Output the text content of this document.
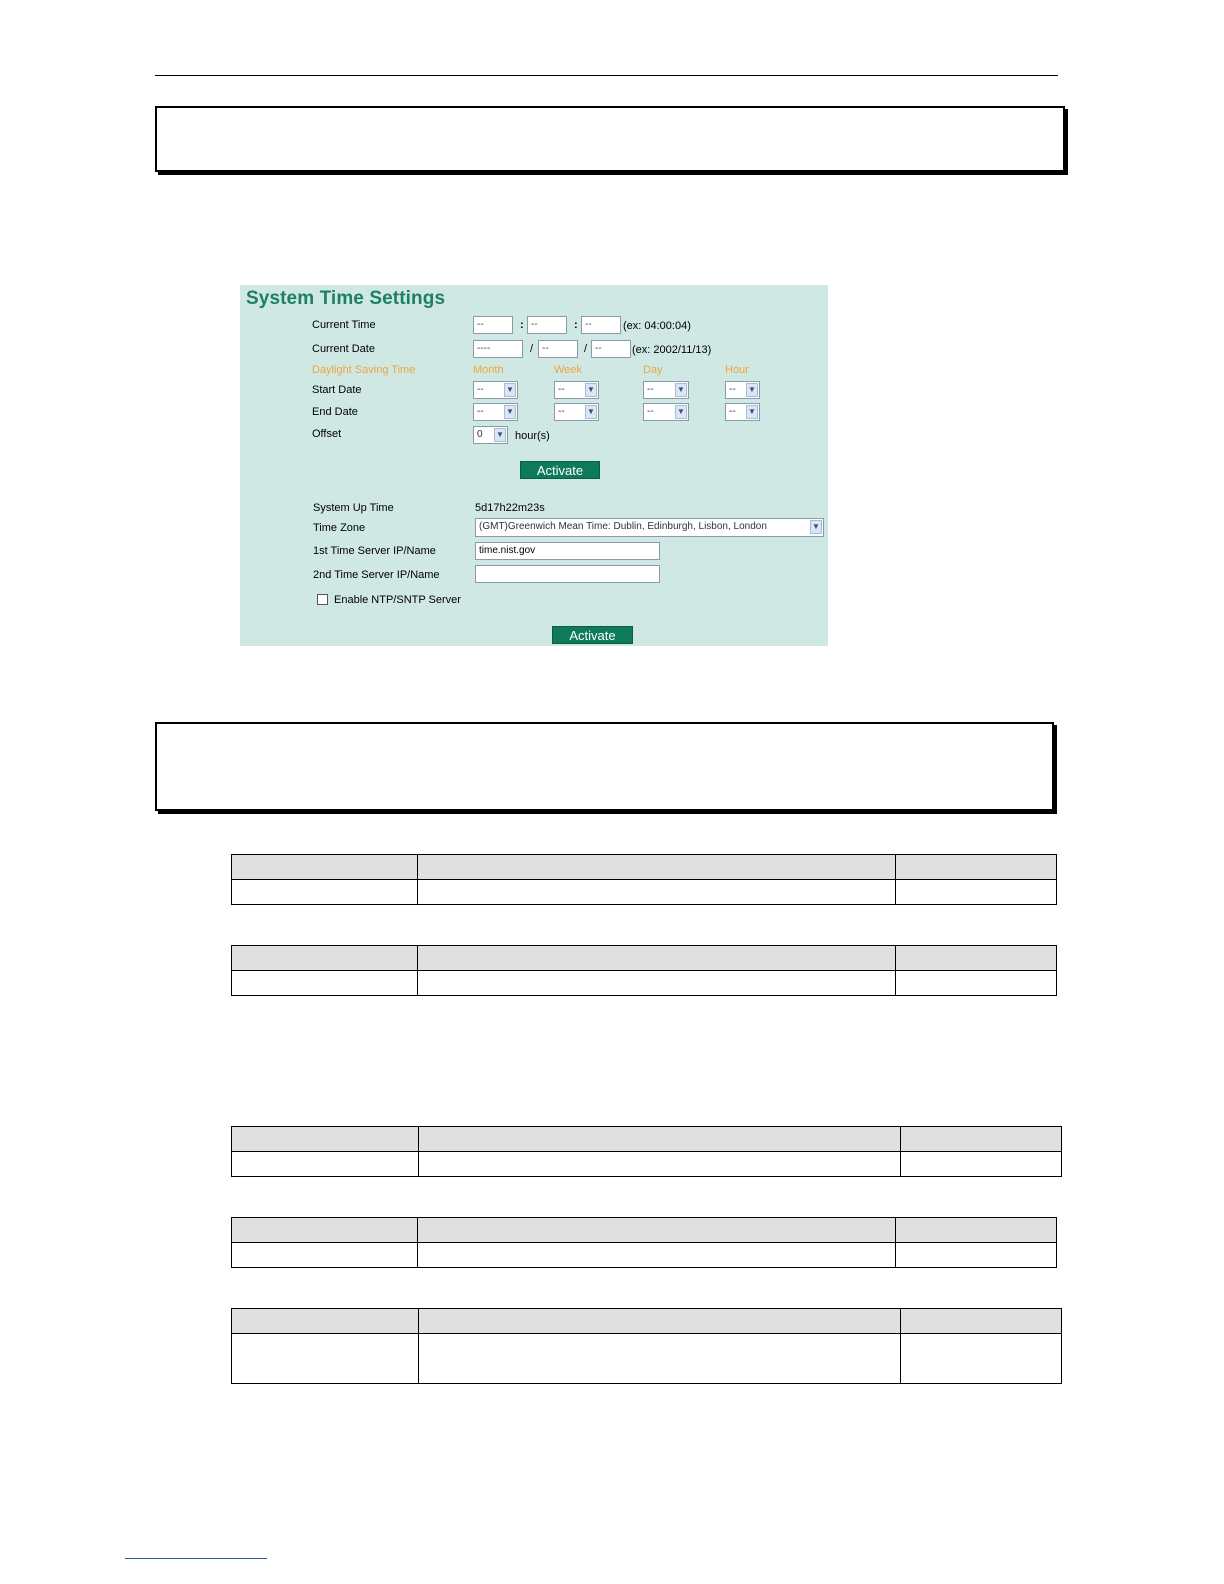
System Time Settings
Current Time	--	: --	: --	(ex: 04:00:04)
Current Date	----	/ --	/ --	(ex: 2002/11/13)
Daylight Saving Time	Month	Week	Day	Hour
Start Date	--	▼	--	▼	--	▼	-- ▼
End Date	--	▼	--	▼	--	▼	-- ▼
Offset	0 ▼ hour(s)
Activate
System Up Time	5d17h22m23s
Time Zone	(GMT)Greenwich Mean Time: Dublin, Edinburgh, Lisbon, London	▼
1st Time Server IP/Name	time.nist.gov
2nd Time Server IP/Name
Enable NTP/SNTP Server
Activate
